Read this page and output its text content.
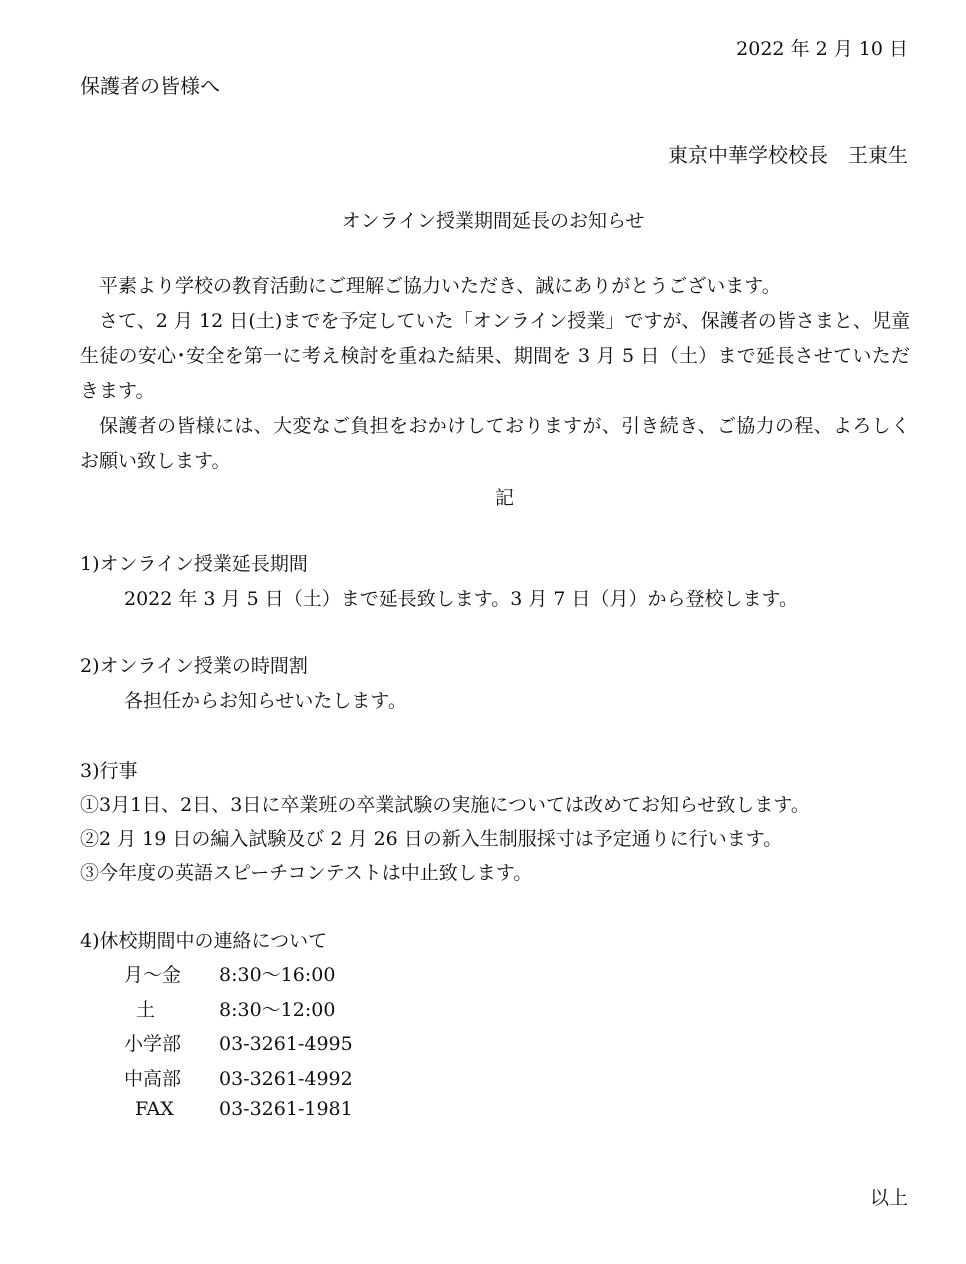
2022 年 2 月 10 日
保護者の皆様へ
東京中華学校校長　王東生
オンライン授業期間延長のお知らせ
平素より学校の教育活動にご理解ご協力いただき、誠にありがとうございます。
さて、2 月 12 日(土)までを予定していた「オンライン授業」ですが、保護者の皆さまと、児童生徒の安心･安全を第一に考え検討を重ねた結果、期間を 3 月 5 日（土）まで延長させていただきます。
保護者の皆様には、大変なご負担をおかけしておりますが、引き続き、ご協力の程、よろしくお願い致します。
記
1)オンライン授業延長期間
2022 年 3 月 5 日（土）まで延長致します。3 月 7 日（月）から登校します。
2)オンライン授業の時間割
各担任からお知らせいたします。
3)行事
①3月1日、2日、3日に卒業班の卒業試験の実施については改めてお知らせ致します。
②2 月 19 日の編入試験及び 2 月 26 日の新入生制服採寸は予定通りに行います。
③今年度の英語スピーチコンテストは中止致します。
4)休校期間中の連絡について
月～金 8:30～16:00
土	8:30～12:00
小学部 03-3261-4995
中高部 03-3261-4992
FAX 03-3261-1981
以上
